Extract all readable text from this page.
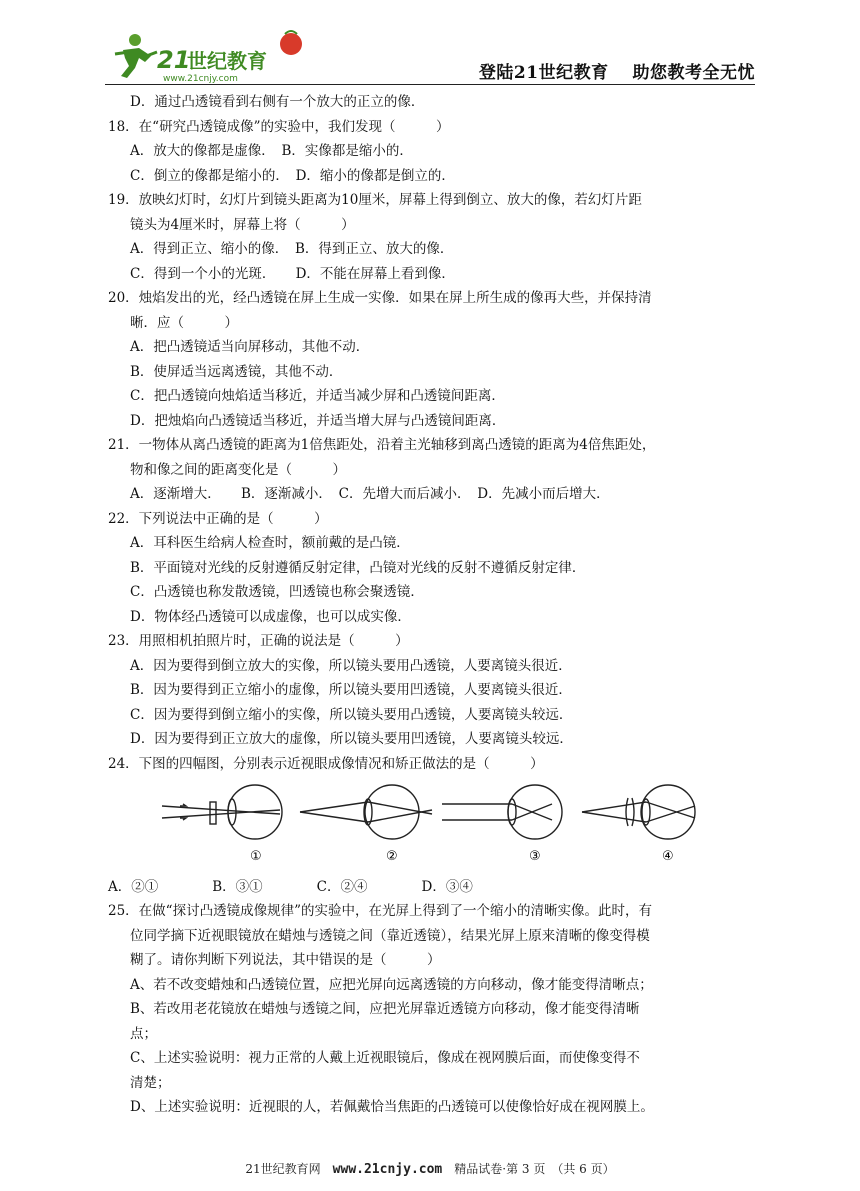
21
世纪教育
www.21cnjy.com	登陆21世纪教育　 助您教考全无忧
D．通过凸透镜看到右侧有一个放大的正立的像．
18．在“研究凸透镜成像”的实验中，我们发现（　　　）
A．放大的像都是虚像．　B．实像都是缩小的．
C．倒立的像都是缩小的．　D．缩小的像都是倒立的．
19．放映幻灯时，幻灯片到镜头距离为10厘米，屏幕上得到倒立、放大的像，若幻灯片距
镜头为4厘米时，屏幕上将（　　　）
A．得到正立、缩小的像．　B．得到正立、放大的像．
C．得到一个小的光斑．　　D．不能在屏幕上看到像．
20．烛焰发出的光，经凸透镜在屏上生成一实像．如果在屏上所生成的像再大些，并保持清
晰．应（　　　）
A．把凸透镜适当向屏移动，其他不动．
B．使屏适当远离透镜，其他不动．
C．把凸透镜向烛焰适当移近，并适当减少屏和凸透镜间距离．
D．把烛焰向凸透镜适当移近，并适当增大屏与凸透镜间距离．
21．一物体从离凸透镜的距离为1倍焦距处，沿着主光轴移到离凸透镜的距离为4倍焦距处，
物和像之间的距离变化是（　　　）
A．逐渐增大．　　B．逐渐减小．　C．先增大而后减小．　D．先减小而后增大．
22．下列说法中正确的是（　　　）
A．耳科医生给病人检查时，额前戴的是凸镜．
B．平面镜对光线的反射遵循反射定律，凸镜对光线的反射不遵循反射定律．
C．凸透镜也称发散透镜，凹透镜也称会聚透镜．
D．物体经凸透镜可以成虚像，也可以成实像．
23．用照相机拍照片时，正确的说法是（　　　）
A．因为要得到倒立放大的实像，所以镜头要用凸透镜，人要离镜头很近．
B．因为要得到正立缩小的虚像，所以镜头要用凹透镜，人要离镜头很近．
C．因为要得到倒立缩小的实像，所以镜头要用凸透镜，人要离镜头较远．
D．因为要得到正立放大的虚像，所以镜头要用凹透镜，人要离镜头较远．
24．下图的四幅图，分别表示近视眼成像情况和矫正做法的是（　　　）
①	②	③	④
A．②①　　　　B．③①　　　　C．②④　　　　D．③④
25．在做“探讨凸透镜成像规律”的实验中，在光屏上得到了一个缩小的清晰实像。此时，有
位同学摘下近视眼镜放在蜡烛与透镜之间（靠近透镜），结果光屏上原来清晰的像变得模
糊了。请你判断下列说法，其中错误的是（　　　）
A、若不改变蜡烛和凸透镜位置，应把光屏向远离透镜的方向移动，像才能变得清晰点；
B、若改用老花镜放在蜡烛与透镜之间，应把光屏靠近透镜方向移动，像才能变得清晰
点；
C、上述实验说明：视力正常的人戴上近视眼镜后，像成在视网膜后面，而使像变得不
清楚；
D、上述实验说明：近视眼的人，若佩戴恰当焦距的凸透镜可以使像恰好成在视网膜上。
21世纪教育网　www.21cnjy.com　精品试卷·第 3 页　（共 6 页）
